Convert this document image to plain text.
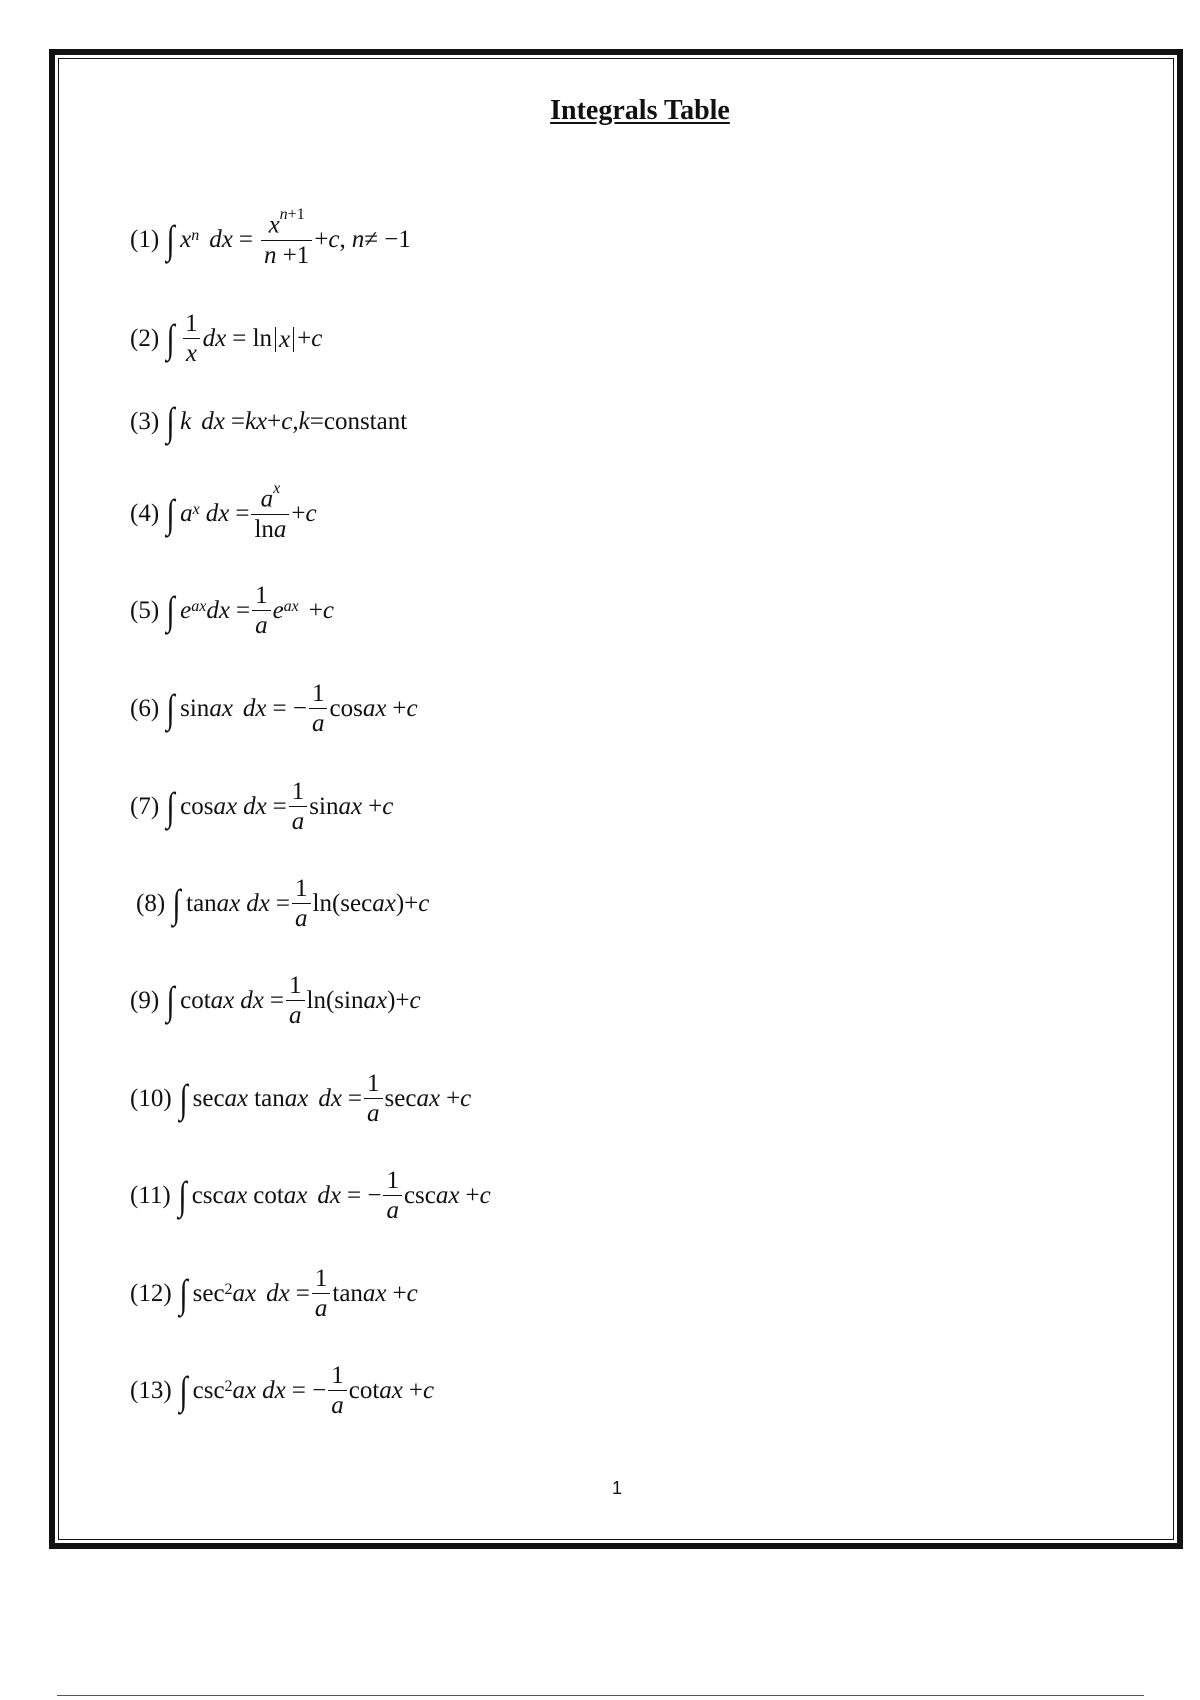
Integrals Table
(1) ∫ $x^n$ dx = $\frac{x^{n+1}}{n +1} + c$ , n ≠ −1
(2) ∫ $\frac{1}{x}$ dx = ln x + c
(3) ∫ k dx = kx + c , k = constant
(4) ∫ $a^x$ dx = $\frac{a^x}{\ln a} + c$
(5) ∫ $e^{ax}$ dx = $\frac{1}{a} e^{ax} + c$
(6) ∫ sin ax dx = − $\frac{1}{a}$ cos ax + c
(7) ∫ cos ax dx = $\frac{1}{a}$ sin ax + c
(8) ∫ tan ax dx = $\frac{1}{a} \ln(\sec$ ax )+ c
(9) ∫ cot ax dx = $\frac{1}{a} \ln(\sin$ ax )+ c
(10) ∫ sec ax tan ax dx = $\frac{1}{a}$ sec ax + c
(11) ∫ csc ax cot ax dx = − $\frac{1}{a}$ csc ax + c
(12) ∫ $\sec^2$ ax dx = $\frac{1}{a}$ tan ax + c
(13) ∫ $\csc^2$ ax dx = − $\frac{1}{a}$ cot ax + c
1
